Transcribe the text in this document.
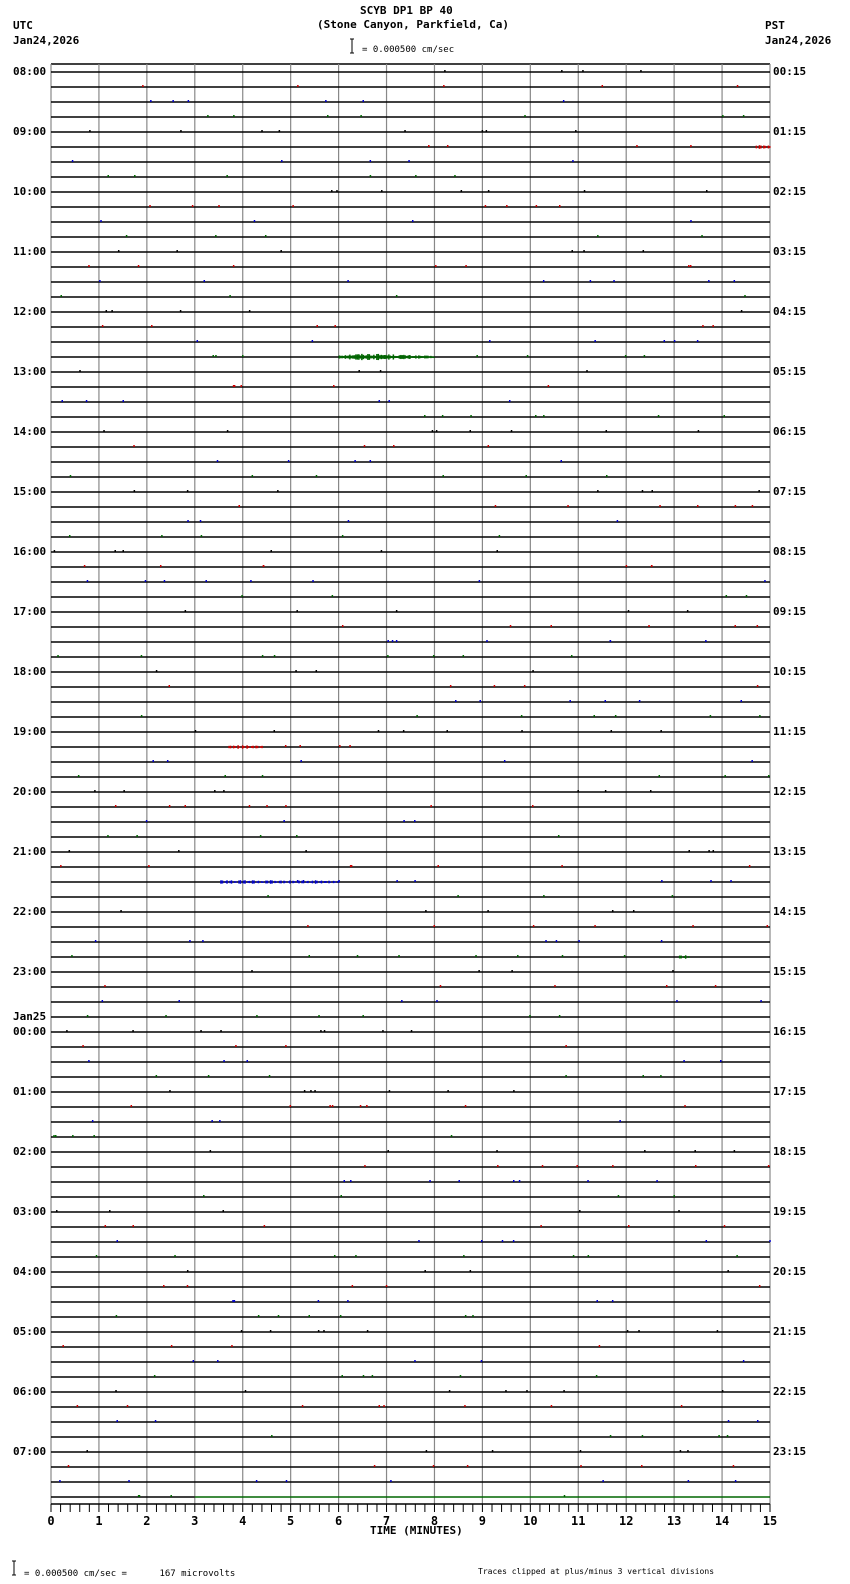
SCYB DP1 BP 40
(Stone Canyon, Parkfield, Ca)
UTC
Jan24,2026
PST
Jan24,2026
= 0.000500 cm/sec
0	1	2	3	4	5	6	7	8	9	10	11	12	13	14	15
08:00
09:00
10:00
11:00
12:00
13:00
14:00
15:00
16:00
17:00
18:00
19:00
20:00
21:00
22:00
23:00
00:00
Jan25
01:00
02:00
03:00
04:00
05:00
06:00
07:00
00:15
01:15
02:15
03:15
04:15
05:15
06:15
07:15
08:15
09:15
10:15
11:15
12:15
13:15
14:15
15:15
16:15
17:15
18:15
19:15
20:15
21:15
22:15
23:15
TIME (MINUTES)
= 0.000500 cm/sec =      167 microvolts	Traces clipped at plus/minus 3 vertical divisions
